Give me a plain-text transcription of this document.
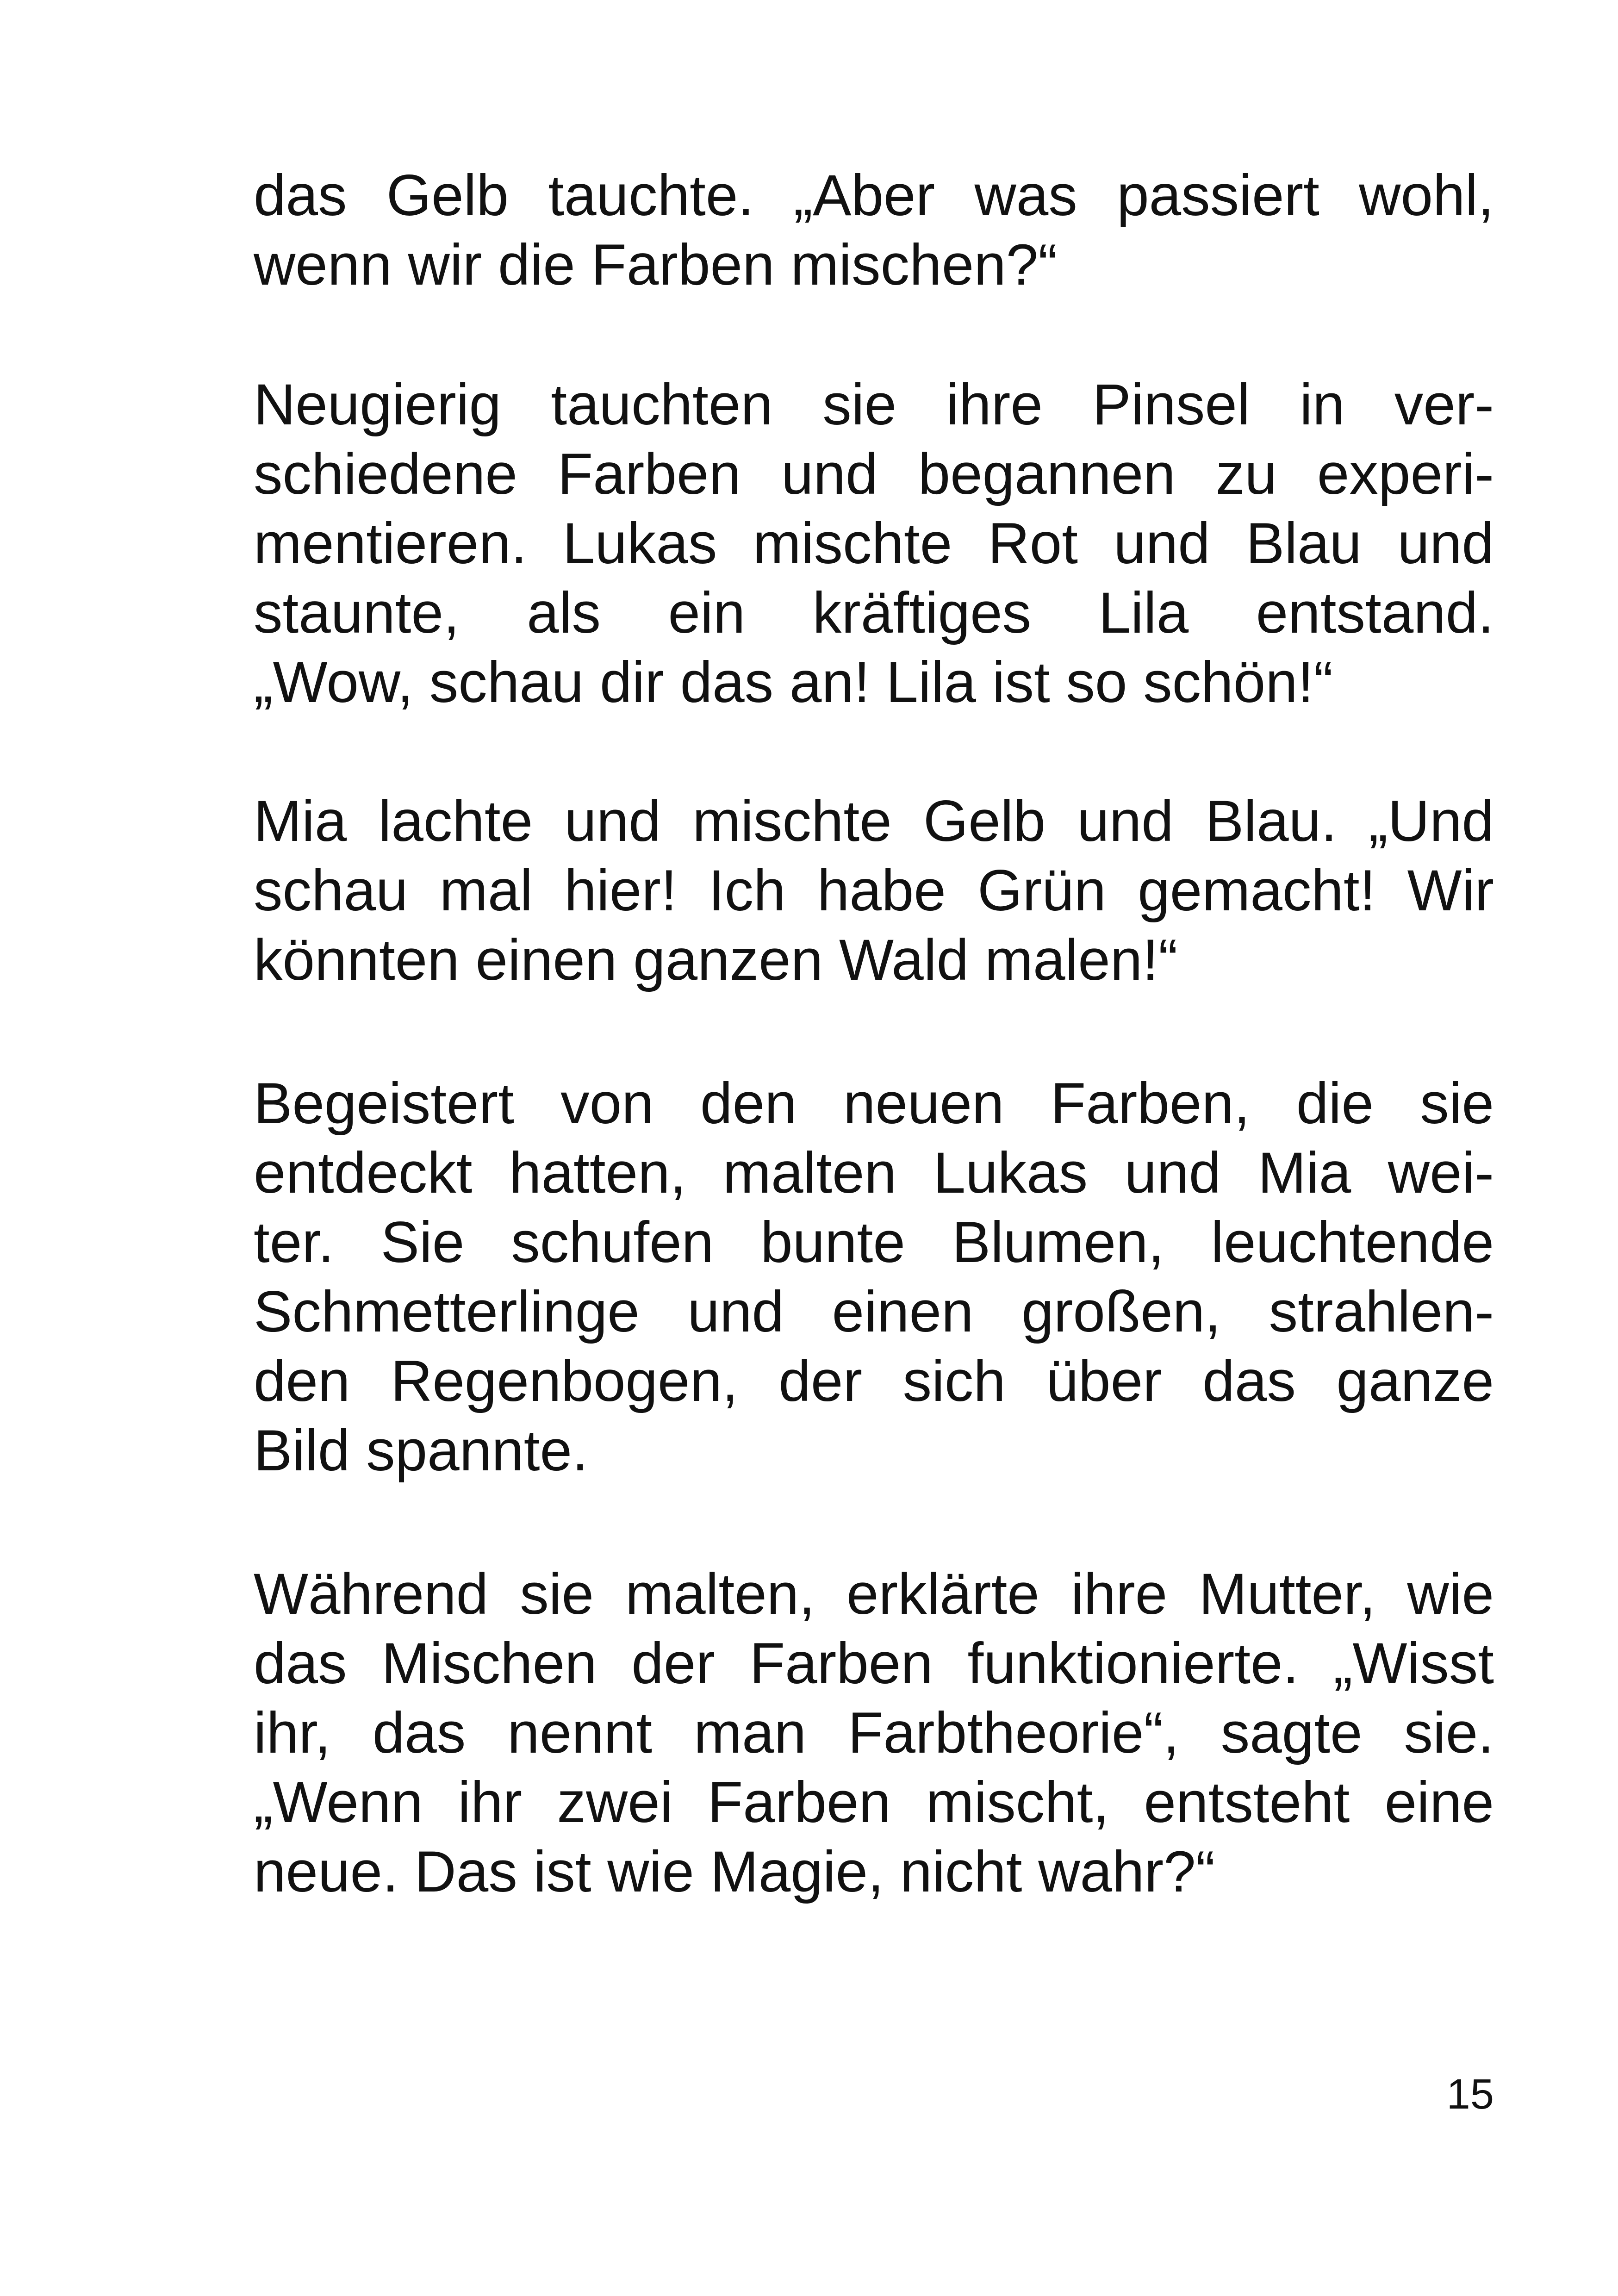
das Gelb tauchte. „Aber was passiert wohl,
wenn wir die Farben mischen?“
Neugierig tauchten sie ihre Pinsel in ver-
schiedene Farben und begannen zu experi-
mentieren. Lukas mischte Rot und Blau und
staunte, als ein kräftiges Lila entstand.
„Wow, schau dir das an! Lila ist so schön!“
Mia lachte und mischte Gelb und Blau. „Und
schau mal hier! Ich habe Grün gemacht! Wir
könnten einen ganzen Wald malen!“
Begeistert von den neuen Farben, die sie
entdeckt hatten, malten Lukas und Mia wei-
ter. Sie schufen bunte Blumen, leuchtende
Schmetterlinge und einen großen, strahlen-
den Regenbogen, der sich über das ganze
Bild spannte.
Während sie malten, erklärte ihre Mutter, wie
das Mischen der Farben funktionierte. „Wisst
ihr, das nennt man Farbtheorie“, sagte sie.
„Wenn ihr zwei Farben mischt, entsteht eine
neue. Das ist wie Magie, nicht wahr?“
15
